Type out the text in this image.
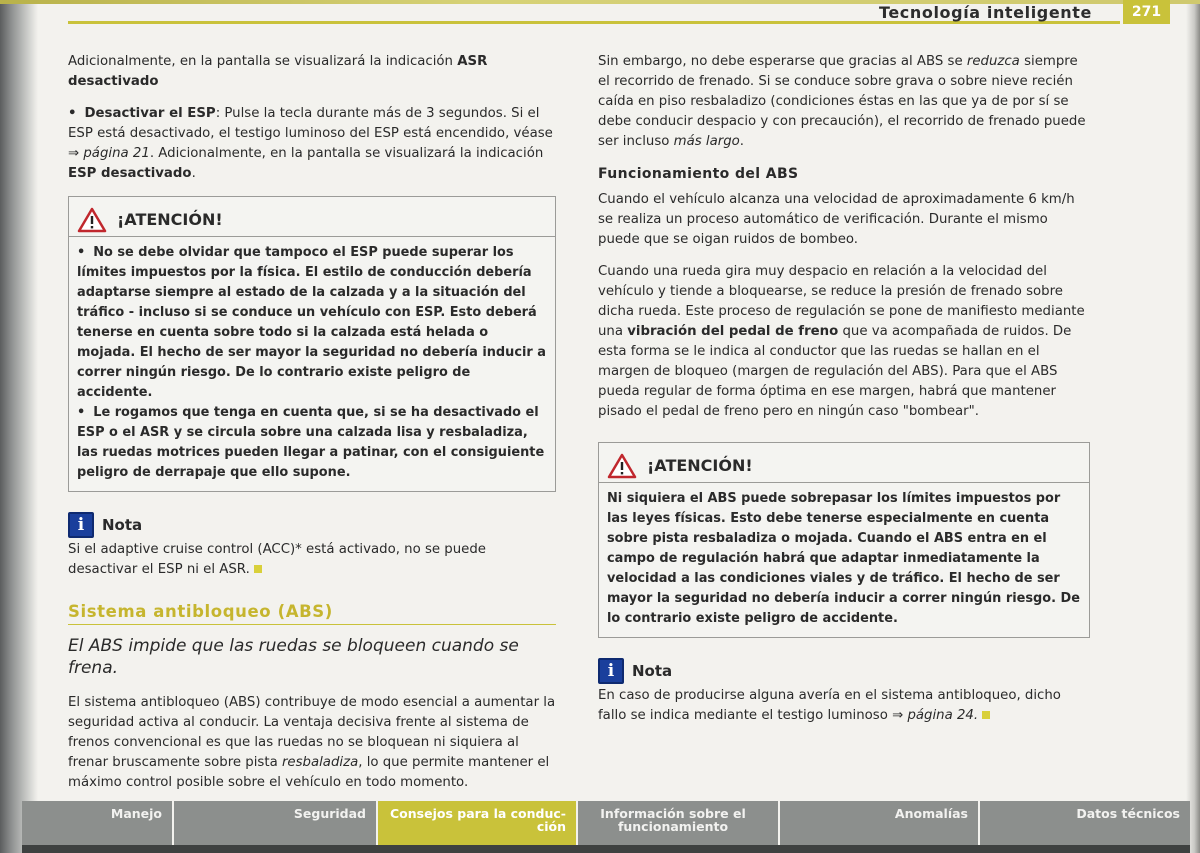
Tecnología inteligente	271

Adicionalmente, en la pantalla se visualizará la indicación ASR desactivado

• Desactivar el ESP: Pulse la tecla durante más de 3 segundos. Si el ESP está desactivado, el testigo luminoso del ESP está encendido, véase ⇒ página 21. Adicionalmente, en la pantalla se visualizará la indicación ESP desactivado.

¡ATENCIÓN!

• No se debe olvidar que tampoco el ESP puede superar los límites impuestos por la física. El estilo de conducción debería adaptarse siempre al estado de la calzada y a la situación del tráfico - incluso si se conduce un vehículo con ESP. Esto deberá tenerse en cuenta sobre todo si la calzada está helada o mojada. El hecho de ser mayor la seguridad no debería inducir a correr ningún riesgo. De lo contrario existe peligro de accidente.

• Le rogamos que tenga en cuenta que, si se ha desactivado el ESP o el ASR y se circula sobre una calzada lisa y resbaladiza, las ruedas motrices pueden llegar a patinar, con el consiguiente peligro de derrapaje que ello supone.

i	Nota

Si el adaptive cruise control (ACC)* está activado, no se puede desactivar el ESP ni el ASR.

Sistema antibloqueo (ABS)

El ABS impide que las ruedas se bloqueen cuando se frena.

El sistema antibloqueo (ABS) contribuye de modo esencial a aumentar la seguridad activa al conducir. La ventaja decisiva frente al sistema de frenos convencional es que las ruedas no se bloquean ni siquiera al frenar bruscamente sobre pista resbaladiza, lo que permite mantener el máximo control posible sobre el vehículo en todo momento.

Sin embargo, no debe esperarse que gracias al ABS se reduzca siempre el recorrido de frenado. Si se conduce sobre grava o sobre nieve recién caída en piso resbaladizo (condiciones éstas en las que ya de por sí se debe conducir despacio y con precaución), el recorrido de frenado puede ser incluso más largo.

Funcionamiento del ABS

Cuando el vehículo alcanza una velocidad de aproximadamente 6 km/h se realiza un proceso automático de verificación. Durante el mismo puede que se oigan ruidos de bombeo.

Cuando una rueda gira muy despacio en relación a la velocidad del vehículo y tiende a bloquearse, se reduce la presión de frenado sobre dicha rueda. Este proceso de regulación se pone de manifiesto mediante una vibración del pedal de freno que va acompañada de ruidos. De esta forma se le indica al conductor que las ruedas se hallan en el margen de bloqueo (margen de regulación del ABS). Para que el ABS pueda regular de forma óptima en ese margen, habrá que mantener pisado el pedal de freno pero en ningún caso "bombear".

¡ATENCIÓN!
Ni siquiera el ABS puede sobrepasar los límites impuestos por las leyes físicas. Esto debe tenerse especialmente en cuenta sobre pista resbaladiza o mojada. Cuando el ABS entra en el campo de regulación habrá que adaptar inmediatamente la velocidad a las condiciones viales y de tráfico. El hecho de ser mayor la seguridad no debería inducir a correr ningún riesgo. De lo contrario existe peligro de accidente.
i	Nota

En caso de producirse alguna avería en el sistema antibloqueo, dicho fallo se indica mediante el testigo luminoso ⇒ página 24.

Manejo	Seguridad	Consejos para la conduc-
ción
Información sobre el
funcionamiento
Anomalías	Datos técnicos
